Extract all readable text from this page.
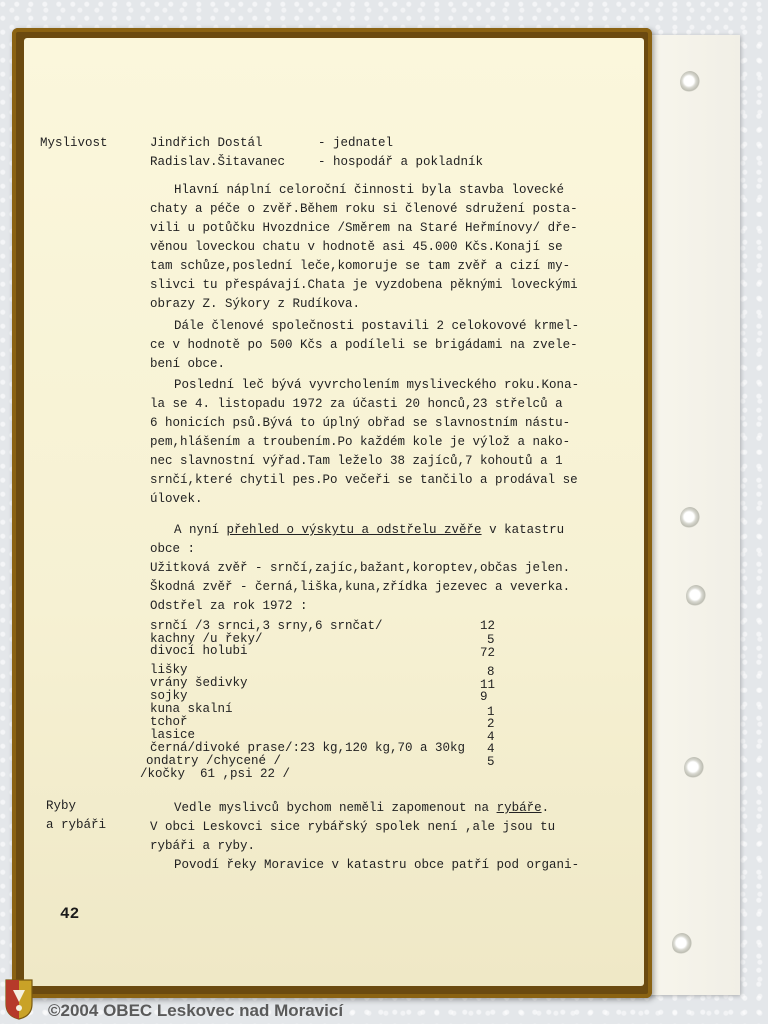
Myslivost
Ryby
a rybáři
Jindřich Dostál	- jednatel
Radislav.Šitavanec	- hospodář a pokladník
Hlavní náplní celoroční činnosti byla stavba lovecké
chaty a péče o zvěř.Během roku si členové sdružení posta-
vili u potůčku Hvozdnice /Směrem na Staré Heřmínovy/ dře-
věnou loveckou chatu v hodnotě asi 45.000 Kčs.Konají se
tam schůze,poslední leče,komoruje se tam zvěř a cizí my-
slivci tu přespávají.Chata je vyzdobena pěknými loveckými
obrazy Z. Sýkory z Rudíkova.
Dále členové společnosti postavili 2 celokovové krmel-
ce v hodnotě po 500 Kčs a podíleli se brigádami na zvele-
bení obce.
Poslední leč bývá vyvrcholením mysliveckého roku.Kona-
la se 4. listopadu 1972 za účasti 20 honců,23 střelců a
6 honicích psů.Bývá to úplný obřad se slavnostním nástu-
pem,hlášením a troubením.Po každém kole je výlož a nako-
nec slavnostní výřad.Tam leželo 38 zajíců,7 kohoutů a 1
srnčí,které chytil pes.Po večeři se tančilo a prodával se
úlovek.
A nyní přehled o výskytu a odstřelu zvěře v katastru
obce :
Užitková zvěř - srnčí,zajíc,bažant,koroptev,občas jelen.
Škodná zvěř - černá,liška,kuna,zřídka jezevec a veverka.
Odstřel za rok 1972 :
srnčí /3 srnci,3 srny,6 srnčat/	12
kachny /u řeky/	5
divocí holubi	72
lišky	8
vrány šedivky	11
sojky	9
kuna skalní	1
tchoř	2
lasice	4
černá/divoké prase/:23 kg,120 kg,70 a 30kg 4
ondatry /chycené /	5
/kočky  61 ,psi 22 /
Vedle myslivců bychom neměli zapomenout na rybáře.
V obci Leskovci sice rybářský spolek není ,ale jsou tu
rybáři a ryby.
Povodí řeky Moravice v katastru obce patří pod organi-
42
©2004 OBEC Leskovec nad Moravicí
